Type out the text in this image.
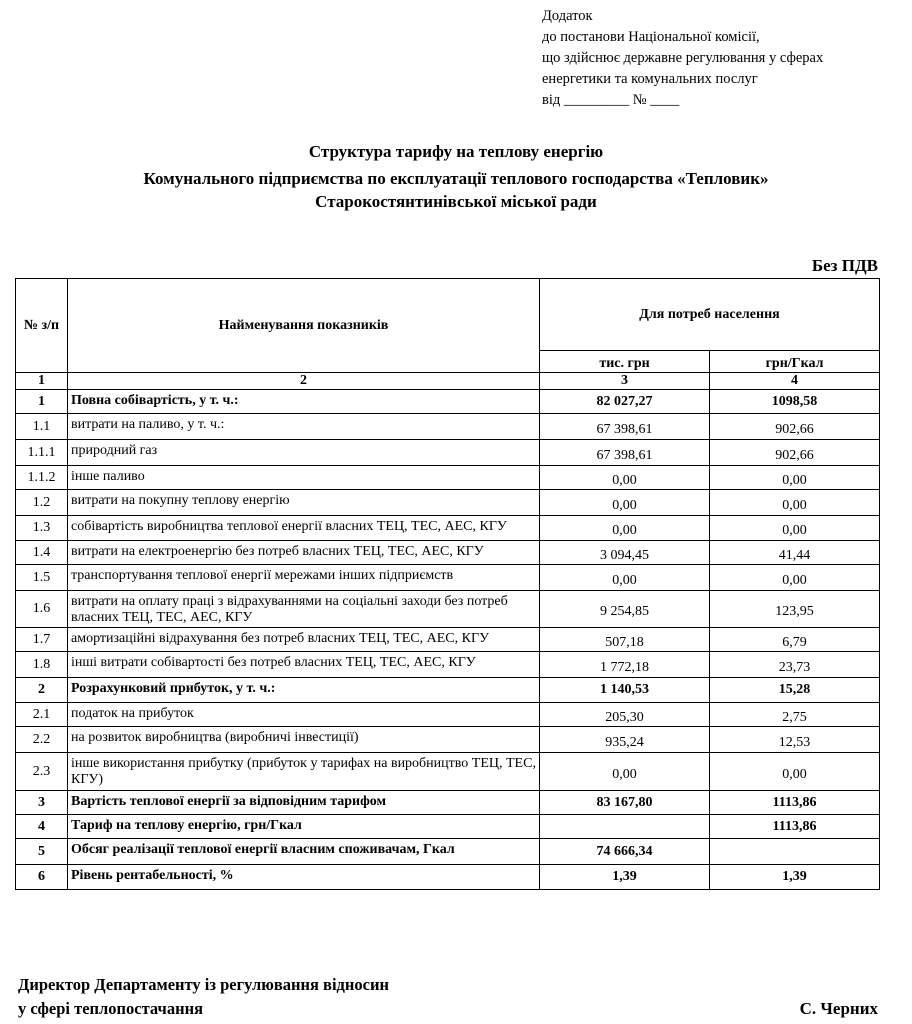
Додаток
до постанови Національної комісії,
що здійснює державне регулювання у сферах
енергетики та комунальних послуг
від _________ № ____
Структура тарифу на теплову енергію
Комунального підприємства по експлуатації теплового господарства «Тепловик»
Старокостянтинівської міської ради
Без ПДВ
№ з/п	Найменування показників	Для потреб населення	
		тис. грн	грн/Гкал
1	2	3	4
1	Повна собівартість, у т. ч.:	82 027,27	1098,58
1.1	витрати на паливо, у т. ч.:	67 398,61	902,66
1.1.1	природний газ	67 398,61	902,66
1.1.2	інше паливо	0,00	0,00
1.2	витрати на покупну теплову енергію	0,00	0,00
1.3	собівартість виробництва теплової енергії власних ТЕЦ, ТЕС, АЕС, КГУ	0,00	0,00
1.4	витрати на електроенергію без потреб власних ТЕЦ, ТЕС, АЕС, КГУ	3 094,45	41,44
1.5	транспортування теплової енергії мережами інших підприємств	0,00	0,00
1.6	витрати на оплату праці з відрахуваннями на соціальні заходи без потреб власних ТЕЦ, ТЕС, АЕС, КГУ	9 254,85	123,95
1.7	амортизаційні відрахування без потреб власних ТЕЦ, ТЕС, АЕС, КГУ	507,18	6,79
1.8	інші витрати собівартості без потреб власних ТЕЦ, ТЕС, АЕС, КГУ	1 772,18	23,73
2	Розрахунковий прибуток, у т. ч.:	1 140,53	15,28
2.1	податок на прибуток	205,30	2,75
2.2	на розвиток виробництва (виробничі інвестиції)	935,24	12,53
2.3	інше використання прибутку (прибуток у тарифах на виробництво ТЕЦ, ТЕС, КГУ)	0,00	0,00
3	Вартість теплової енергії за відповідним тарифом	83 167,80	1113,86
4	Тариф на теплову енергію, грн/Гкал		1113,86
5	Обсяг реалізації теплової енергії власним споживачам, Гкал	74 666,34	
6	Рівень рентабельності, %	1,39	1,39
Директор Департаменту із регулювання відносин
у сфері теплопостачання	С. Черних
